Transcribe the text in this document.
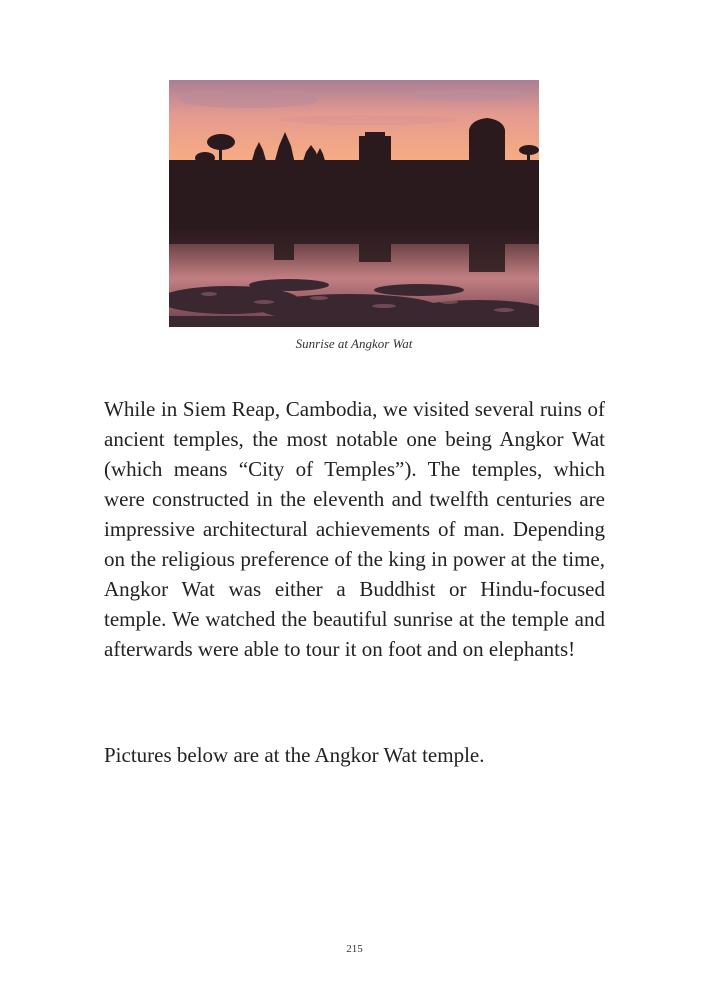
Sunrise at Angkor Wat

While in Siem Reap, Cambodia, we visited several ruins of ancient temples, the most notable one being Angkor Wat (which means “City of Temples”). The temples, which were constructed in the eleventh and twelfth centuries are impressive architectural achievements of man. Depending on the religious preference of the king in power at the time, Angkor Wat was either a Buddhist or Hindu-focused temple. We watched the beautiful sunrise at the temple and afterwards were able to tour it on foot and on elephants!

Pictures below are at the Angkor Wat temple.

215
